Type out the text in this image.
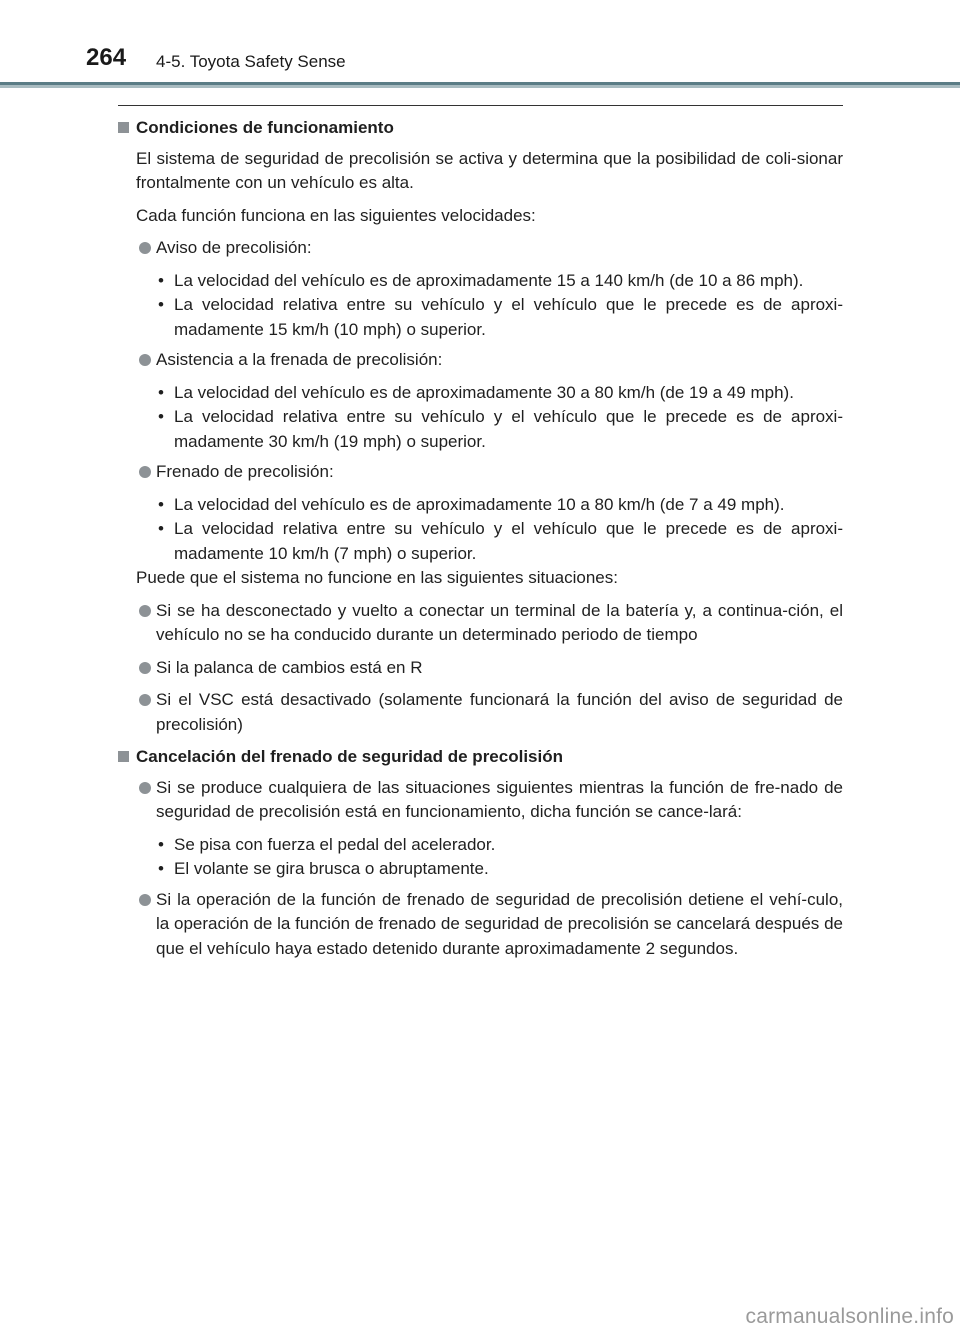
264 4-5. Toyota Safety Sense
Condiciones de funcionamiento

El sistema de seguridad de precolisión se activa y determina que la posibilidad de coli-sionar frontalmente con un vehículo es alta.

Cada función funciona en las siguientes velocidades:

Aviso de precolisión:

• La velocidad del vehículo es de aproximadamente 15 a 140 km/h (de 10 a 86 mph).

• La velocidad relativa entre su vehículo y el vehículo que le precede es de aproxi-madamente 15 km/h (10 mph) o superior.

Asistencia a la frenada de precolisión:

• La velocidad del vehículo es de aproximadamente 30 a 80 km/h (de 19 a 49 mph).

• La velocidad relativa entre su vehículo y el vehículo que le precede es de aproxi-madamente 30 km/h (19 mph) o superior.

Frenado de precolisión:

• La velocidad del vehículo es de aproximadamente 10 a 80 km/h (de 7 a 49 mph).

• La velocidad relativa entre su vehículo y el vehículo que le precede es de aproxi-madamente 10 km/h (7 mph) o superior.

Puede que el sistema no funcione en las siguientes situaciones:

Si se ha desconectado y vuelto a conectar un terminal de la batería y, a continua-ción, el vehículo no se ha conducido durante un determinado periodo de tiempo
Si la palanca de cambios está en R
Si el VSC está desactivado (solamente funcionará la función del aviso de seguridad de precolisión)
Cancelación del frenado de seguridad de precolisión
Si se produce cualquiera de las situaciones siguientes mientras la función de fre-nado de seguridad de precolisión está en funcionamiento, dicha función se cance-lará:

• Se pisa con fuerza el pedal del acelerador.

• El volante se gira brusca o abruptamente.

Si la operación de la función de frenado de seguridad de precolisión detiene el vehí-culo, la operación de la función de frenado de seguridad de precolisión se cancelará después de que el vehículo haya estado detenido durante aproximadamente 2 segundos.
carmanualsonline.info
